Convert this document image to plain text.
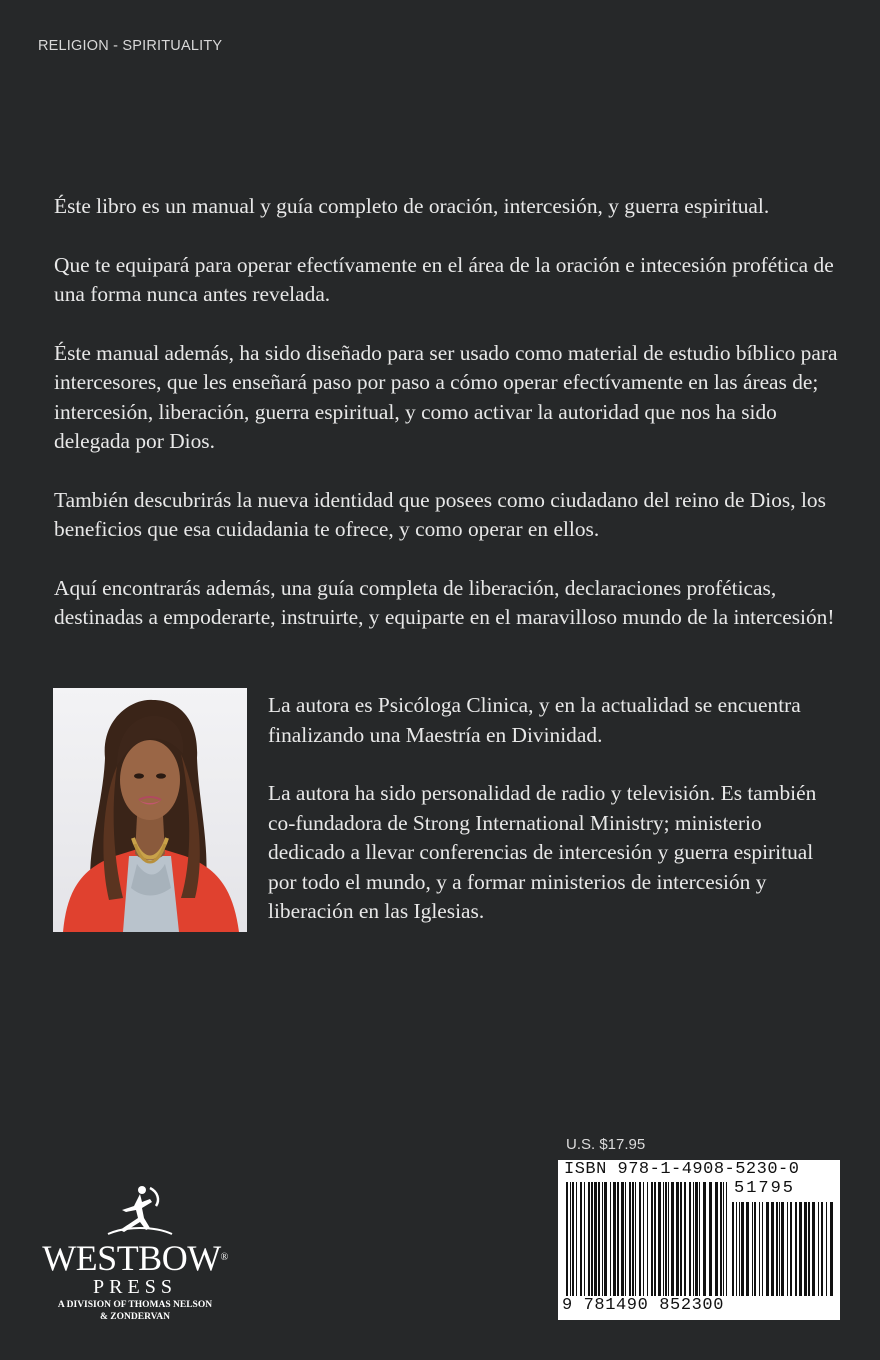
RELIGION - SPIRITUALITY

Éste libro es un manual y guía completo de oración, intercesión, y guerra espiritual.

Que te equipará para operar efectívamente en el área de la oración e intecesión profética de una forma nunca antes revelada.

Éste manual además, ha sido diseñado para ser usado como material de estudio bíblico para intercesores, que les enseñará paso por paso a cómo operar efectívamente en las áreas de; intercesión, liberación, guerra espiritual, y como activar la autoridad que nos ha sido delegada por Dios.

También descubrirás la nueva identidad que posees como ciudadano del reino de Dios, los beneficios que esa cuidadania te ofrece, y como operar en ellos.

Aquí encontrarás además, una guía completa de liberación, declaraciones proféticas, destinadas a empoderarte, instruirte, y equiparte en el maravilloso mundo de la intercesión!

La autora es Psicóloga Clinica, y en la actualidad se encuentra finalizando una Maestría en Divinidad.

La autora ha sido personalidad de radio y televisión. Es también co-fundadora de Strong International Ministry; ministerio dedicado a llevar conferencias de intercesión y guerra espiritual por todo el mundo, y a formar ministerios de intercesión y liberación en las Iglesias.

U.S. $17.95
ISBN 978-1-4908-5230-0
51795
9 781490 852300
WESTBOW®
PRESS
A DIVISION OF THOMAS NELSON
& ZONDERVAN
